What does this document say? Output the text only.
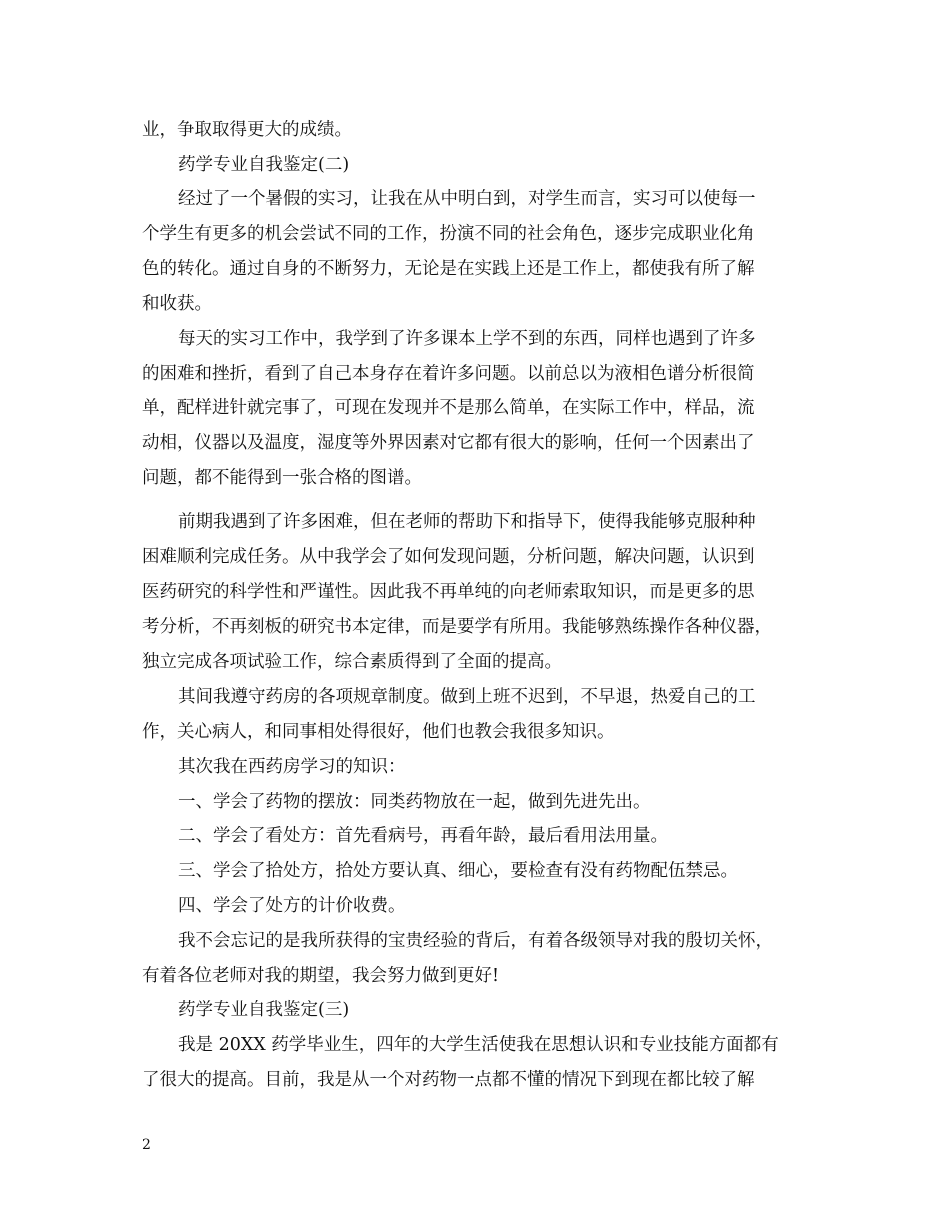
业，争取取得更大的成绩。
药学专业自我鉴定(二)
经过了一个暑假的实习，让我在从中明白到，对学生而言，实习可以使每一
个学生有更多的机会尝试不同的工作，扮演不同的社会角色，逐步完成职业化角
色的转化。通过自身的不断努力，无论是在实践上还是工作上，都使我有所了解
和收获。
每天的实习工作中，我学到了许多课本上学不到的东西，同样也遇到了许多
的困难和挫折，看到了自己本身存在着许多问题。以前总以为液相色谱分析很简
单，配样进针就完事了，可现在发现并不是那么简单，在实际工作中，样品，流
动相，仪器以及温度，湿度等外界因素对它都有很大的影响，任何一个因素出了
问题，都不能得到一张合格的图谱。
前期我遇到了许多困难，但在老师的帮助下和指导下，使得我能够克服种种
困难顺利完成任务。从中我学会了如何发现问题，分析问题，解决问题，认识到
医药研究的科学性和严谨性。因此我不再单纯的向老师索取知识，而是更多的思
考分析，不再刻板的研究书本定律，而是要学有所用。我能够熟练操作各种仪器，
独立完成各项试验工作，综合素质得到了全面的提高。
其间我遵守药房的各项规章制度。做到上班不迟到，不早退，热爱自己的工
作，关心病人，和同事相处得很好，他们也教会我很多知识。
其次我在西药房学习的知识：
一、学会了药物的摆放：同类药物放在一起，做到先进先出。
二、学会了看处方：首先看病号，再看年龄，最后看用法用量。
三、学会了拾处方，拾处方要认真、细心，要检查有没有药物配伍禁忌。
四、学会了处方的计价收费。
我不会忘记的是我所获得的宝贵经验的背后，有着各级领导对我的殷切关怀，
有着各位老师对我的期望，我会努力做到更好!
药学专业自我鉴定(三)
我是 20XX 药学毕业生，四年的大学生活使我在思想认识和专业技能方面都有
了很大的提高。目前，我是从一个对药物一点都不懂的情况下到现在都比较了解
2
